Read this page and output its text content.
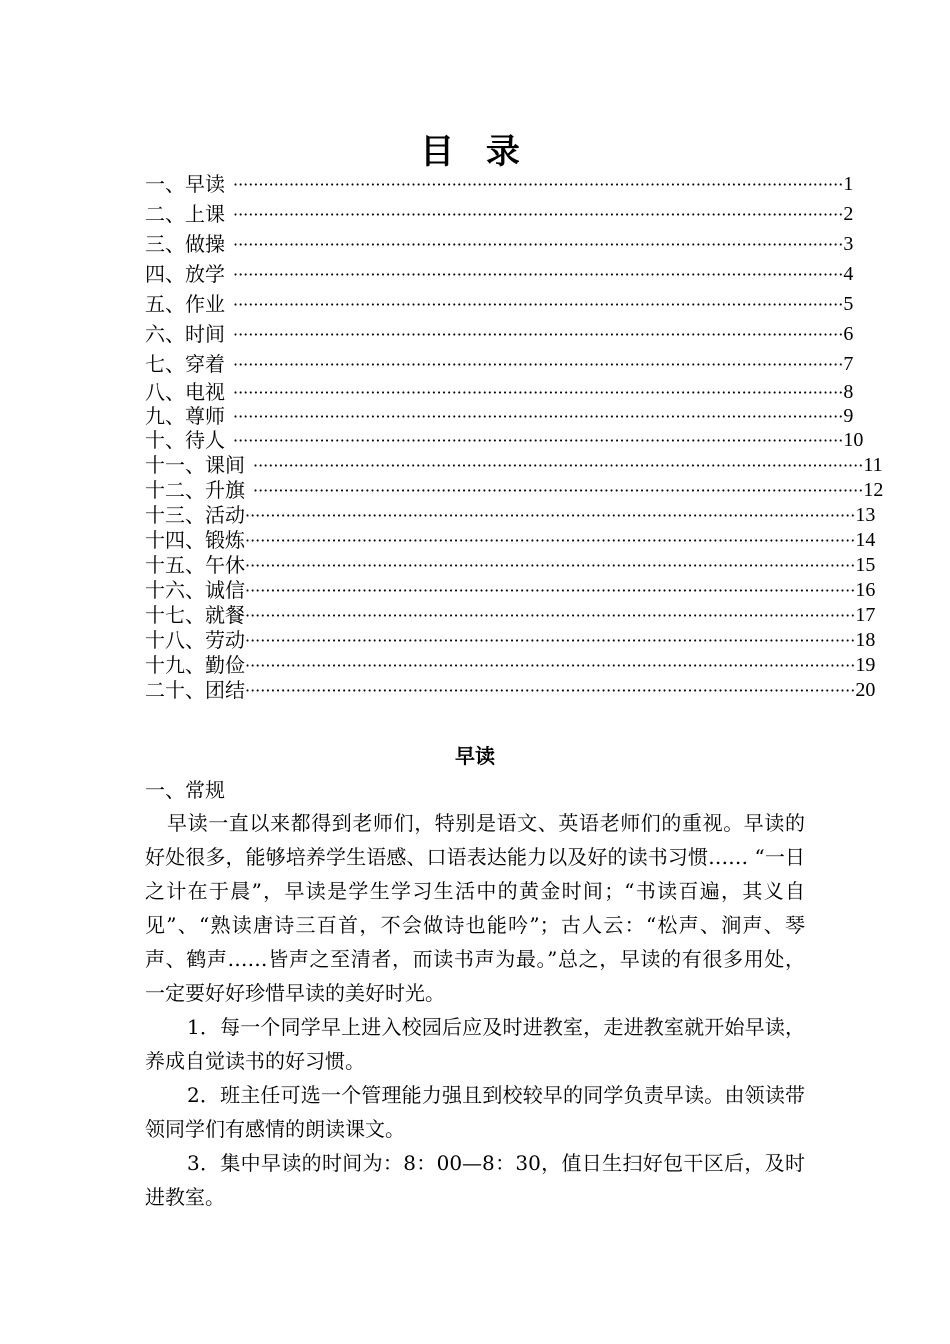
目 录
一、早读 ························································································································ 1
二、上课 ························································································································ 2
三、做操 ························································································································ 3
四、放学 ························································································································ 4
五、作业 ························································································································ 5
六、时间 ························································································································ 6
七、穿着 ························································································································ 7
八、电视 ························································································································ 8
九、尊师 ························································································································ 9
十、待人 ························································································································ 10
十一、课间 ························································································································ 11
十二、升旗 ························································································································ 12
十三、活动 ························································································································ 13
十四、锻炼 ························································································································ 14
十五、午休 ························································································································ 15
十六、诚信 ························································································································ 16
十七、就餐 ························································································································ 17
十八、劳动 ························································································································ 18
十九、勤俭 ························································································································ 19
二十、团结 ························································································································ 20
早读
一、常规

早读一直以来都得到老师们，特别是语文、英语老师们的重视。早读的好处很多，能够培养学生语感、口语表达能力以及好的读书习惯…… “一日之计在于晨”，早读是学生学习生活中的黄金时间；“书读百遍，其义自见”、“熟读唐诗三百首，不会做诗也能吟”；古人云：“松声、涧声、琴声、鹤声……皆声之至清者，而读书声为最。”总之，早读的有很多用处，一定要好好珍惜早读的美好时光。

1．每一个同学早上进入校园后应及时进教室，走进教室就开始早读，养成自觉读书的好习惯。

2．班主任可选一个管理能力强且到校较早的同学负责早读。由领读带领同学们有感情的朗读课文。

3．集中早读的时间为：8：00—8：30，值日生扫好包干区后，及时进教室。
